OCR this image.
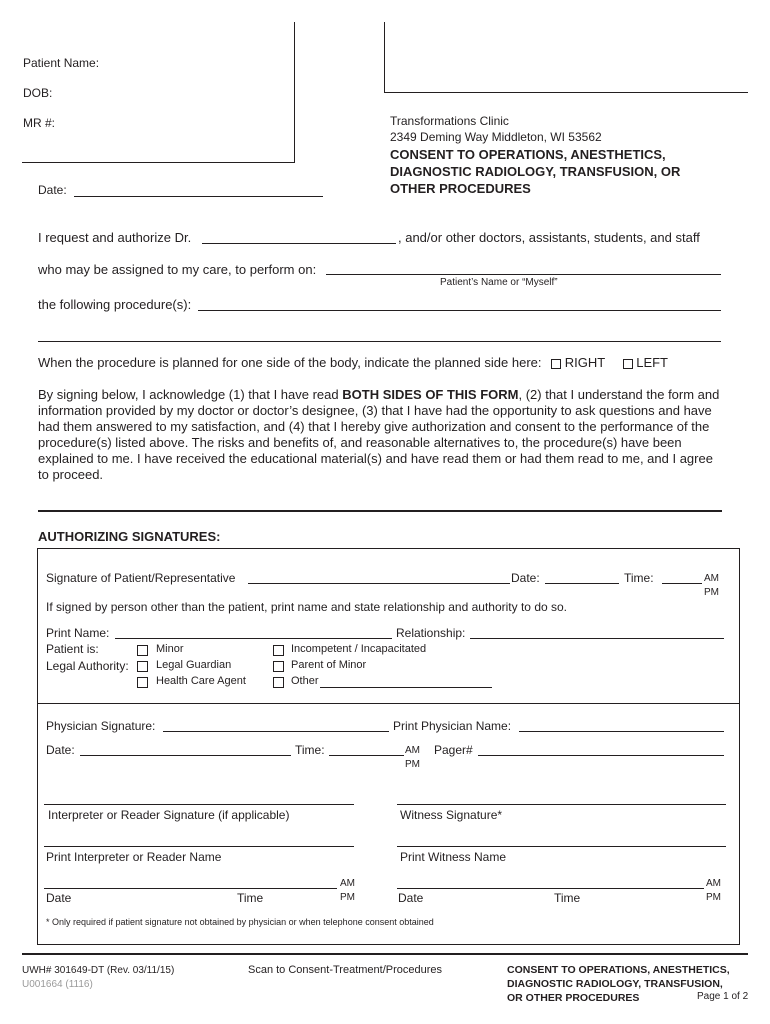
Patient Name:
DOB:
MR #:	Transformations Clinic
2349 Deming Way Middleton, WI 53562
CONSENT TO OPERATIONS, ANESTHETICS,
DIAGNOSTIC RADIOLOGY, TRANSFUSION, OR
OTHER PROCEDURES
Date:
I request and authorize Dr.	, and/or other doctors, assistants, students, and staff
who may be assigned to my care, to perform on:
Patient’s Name or “Myself”
the following procedure(s):
When the procedure is planned for one side of the body, indicate the planned side here: RIGHT LEFT
By signing below, I acknowledge (1) that I have read BOTH SIDES OF THIS FORM, (2) that I understand the form and information provided by my doctor or doctor’s designee, (3) that I have had the opportunity to ask questions and have had them answered to my satisfaction, and (4) that I hereby give authorization and consent to the performance of the procedure(s) listed above. The risks and benefits of, and reasonable alternatives to, the procedure(s) have been explained to me. I have received the educational material(s) and have read them or had them read to me, and I agree to proceed.
AUTHORIZING SIGNATURES:
Signature of Patient/Representative	Date:	Time:	AM
PM
If signed by person other than the patient, print name and state relationship and authority to do so.
Print Name:	Relationship:
Patient is:
Legal Authority:
Minor
Legal Guardian
Health Care Agent
Incompetent / Incapacitated
Parent of Minor
Other
Physician Signature:	Print Physician Name:
Date:	Time:	AM
PM
Pager#
Interpreter or Reader Signature (if applicable)	Witness Signature*
Print Interpreter or Reader Name	Print Witness Name
AM
PM
Date	Time
AM
PM
Date	Time
* Only required if patient signature not obtained by physician or when telephone consent obtained
UWH# 301649-DT (Rev. 03/11/15)
U001664 (1116)
Scan to Consent-Treatment/Procedures	CONSENT TO OPERATIONS, ANESTHETICS,
DIAGNOSTIC RADIOLOGY, TRANSFUSION,
OR OTHER PROCEDURES	Page 1 of 2
